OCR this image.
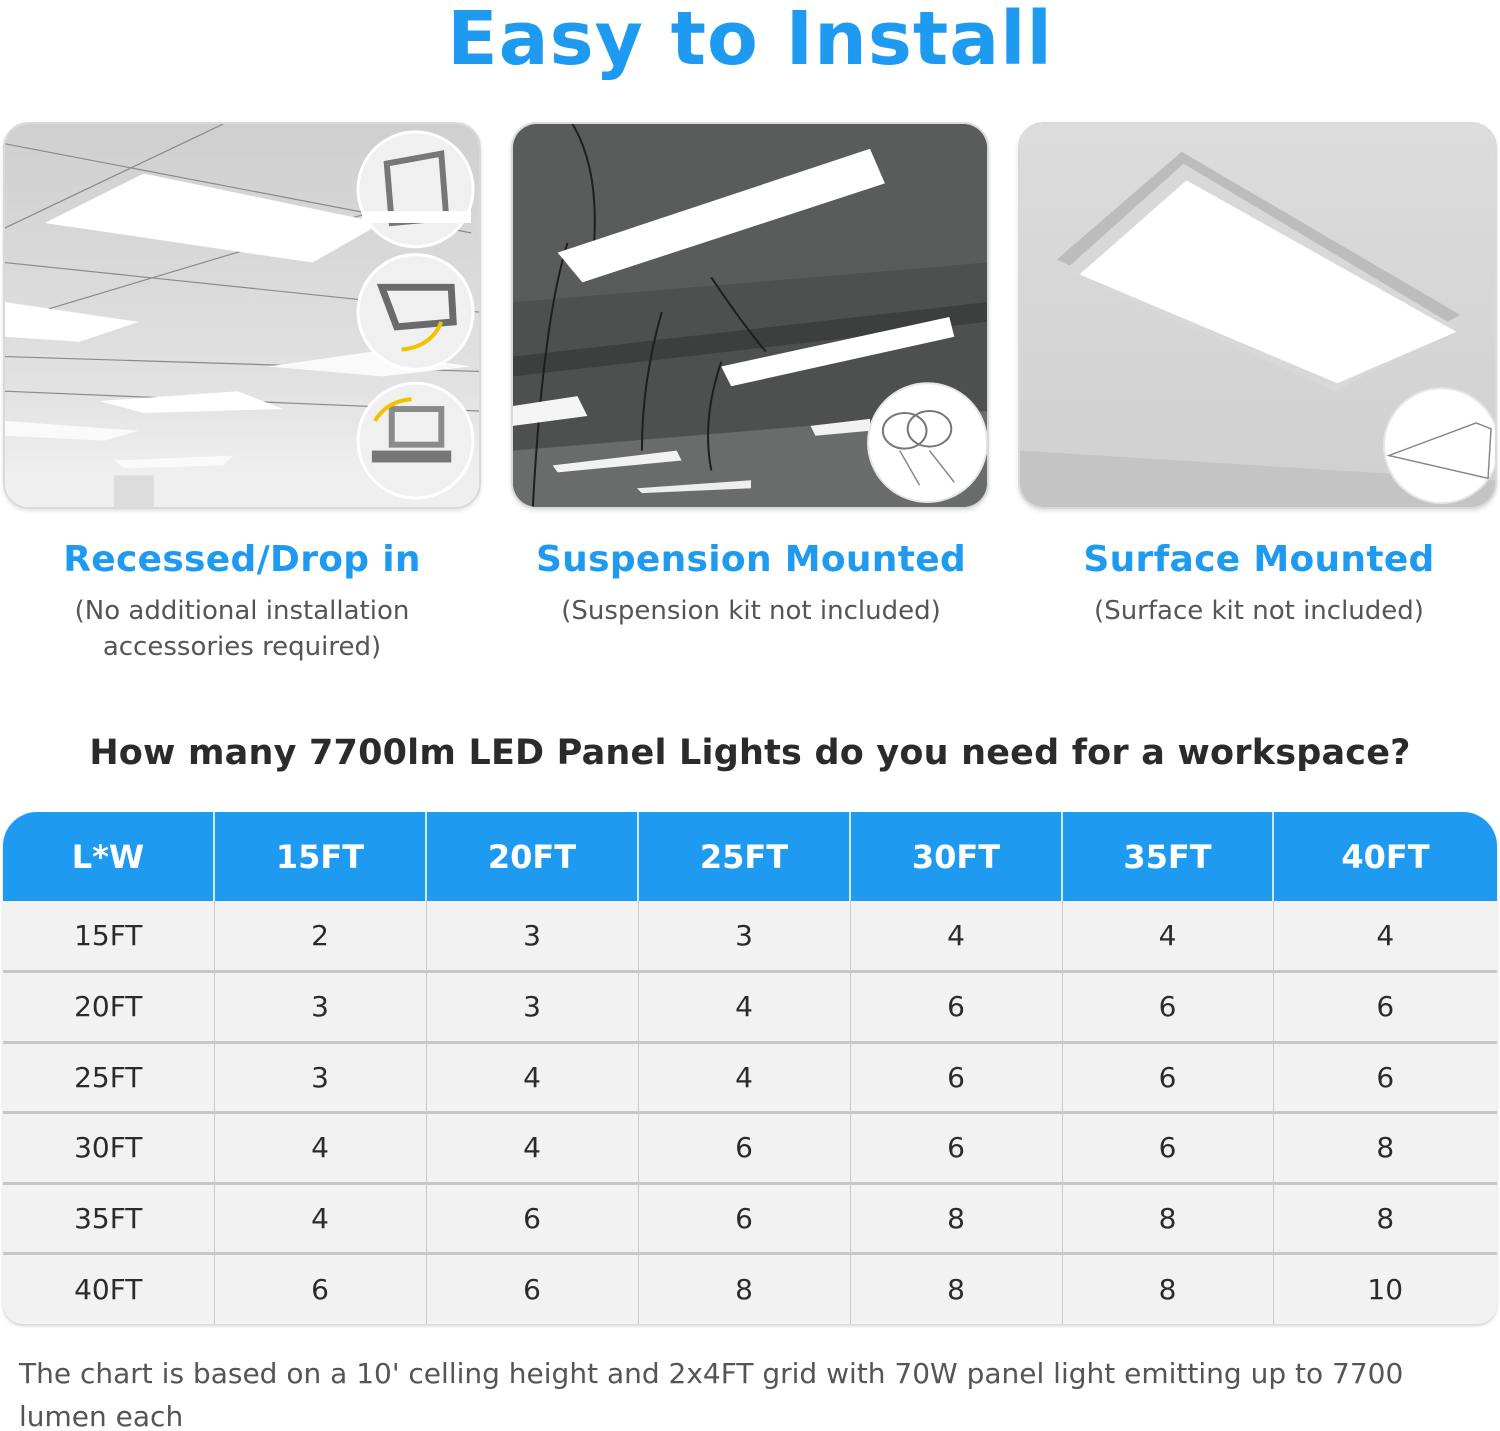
Easy to Install
Recessed/Drop in
(No additional installation
accessories required)
Suspension Mounted
(Suspension kit not included)
Surface Mounted
(Surface kit not included)
How many 7700lm LED Panel Lights do you need for a workspace?
L*W	15FT	20FT	25FT	30FT	35FT	40FT
15FT	2	3	3	4	4	4
20FT	3	3	4	6	6	6
25FT	3	4	4	6	6	6
30FT	4	4	6	6	6	8
35FT	4	6	6	8	8	8
40FT	6	6	8	8	8	10

The chart is based on a 10' celling height and 2x4FT grid with 70W panel light emitting up to 7700 lumen each
